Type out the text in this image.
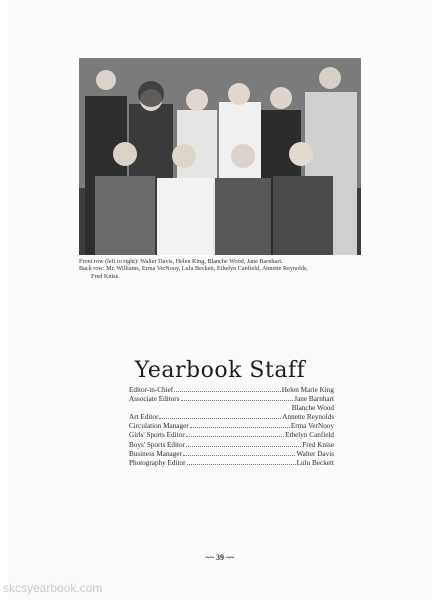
Front row (left to right): Walter Davis, Helen King, Blanche Wood, Jane Barnhart.
Back row: Mr. Williams, Erma VerNooy, Lulu Beckett, Ethelyn Canfield, Annette Reynolds,
Fred Knise.
Yearbook Staff
Editor-in-Chief	Helen Marie King
Associate Editors	Jane Barnhart
Blanche Wood
Art Editor	Annette Reynolds
Circulation Manager	Erma VerNooy
Girls' Sports Editor	Ethelyn Canfield
Boys' Sports Editor	Fred Knise
Business Manager	Walter Davis
Photography Editor	Lulu Beckett
~~ 39 ~~
skcsyearbook.com
